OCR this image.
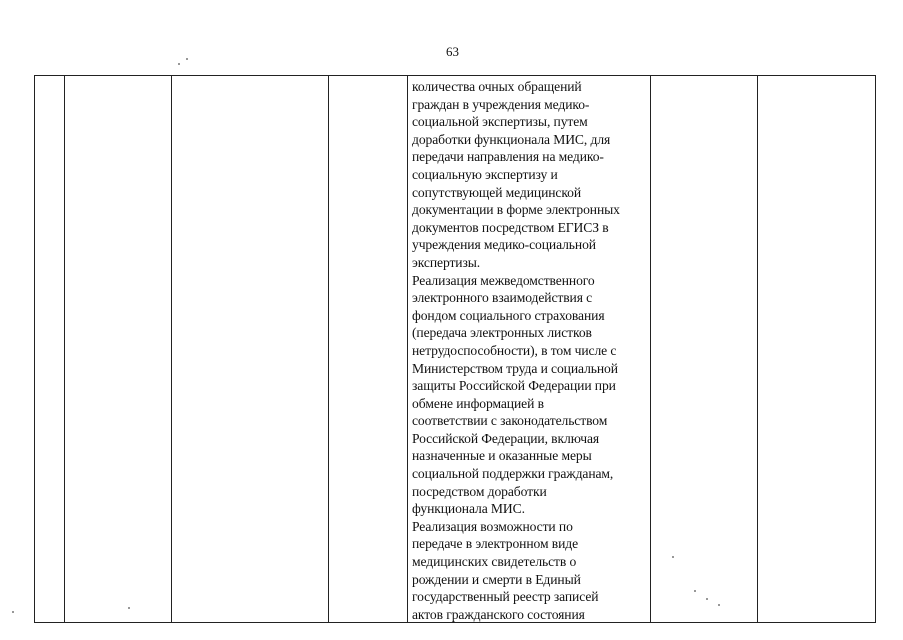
63
количества очных обращений
граждан в учреждения медико-
социальной экспертизы, путем
доработки функционала МИС, для
передачи направления на медико-
социальную экспертизу и
сопутствующей медицинской
документации в форме электронных
документов посредством ЕГИСЗ в
учреждения медико-социальной
экспертизы.
Реализация межведомственного
электронного взаимодействия с
фондом социального страхования
(передача электронных листков
нетрудоспособности), в том числе с
Министерством труда и социальной
защиты Российской Федерации при
обмене информацией в
соответствии с законодательством
Российской Федерации, включая
назначенные и оказанные меры
социальной поддержки гражданам,
посредством доработки
функционала МИС.
Реализация возможности по
передаче в электронном виде
медицинских свидетельств о
рождении и смерти в Единый
государственный реестр записей
актов гражданского состояния
